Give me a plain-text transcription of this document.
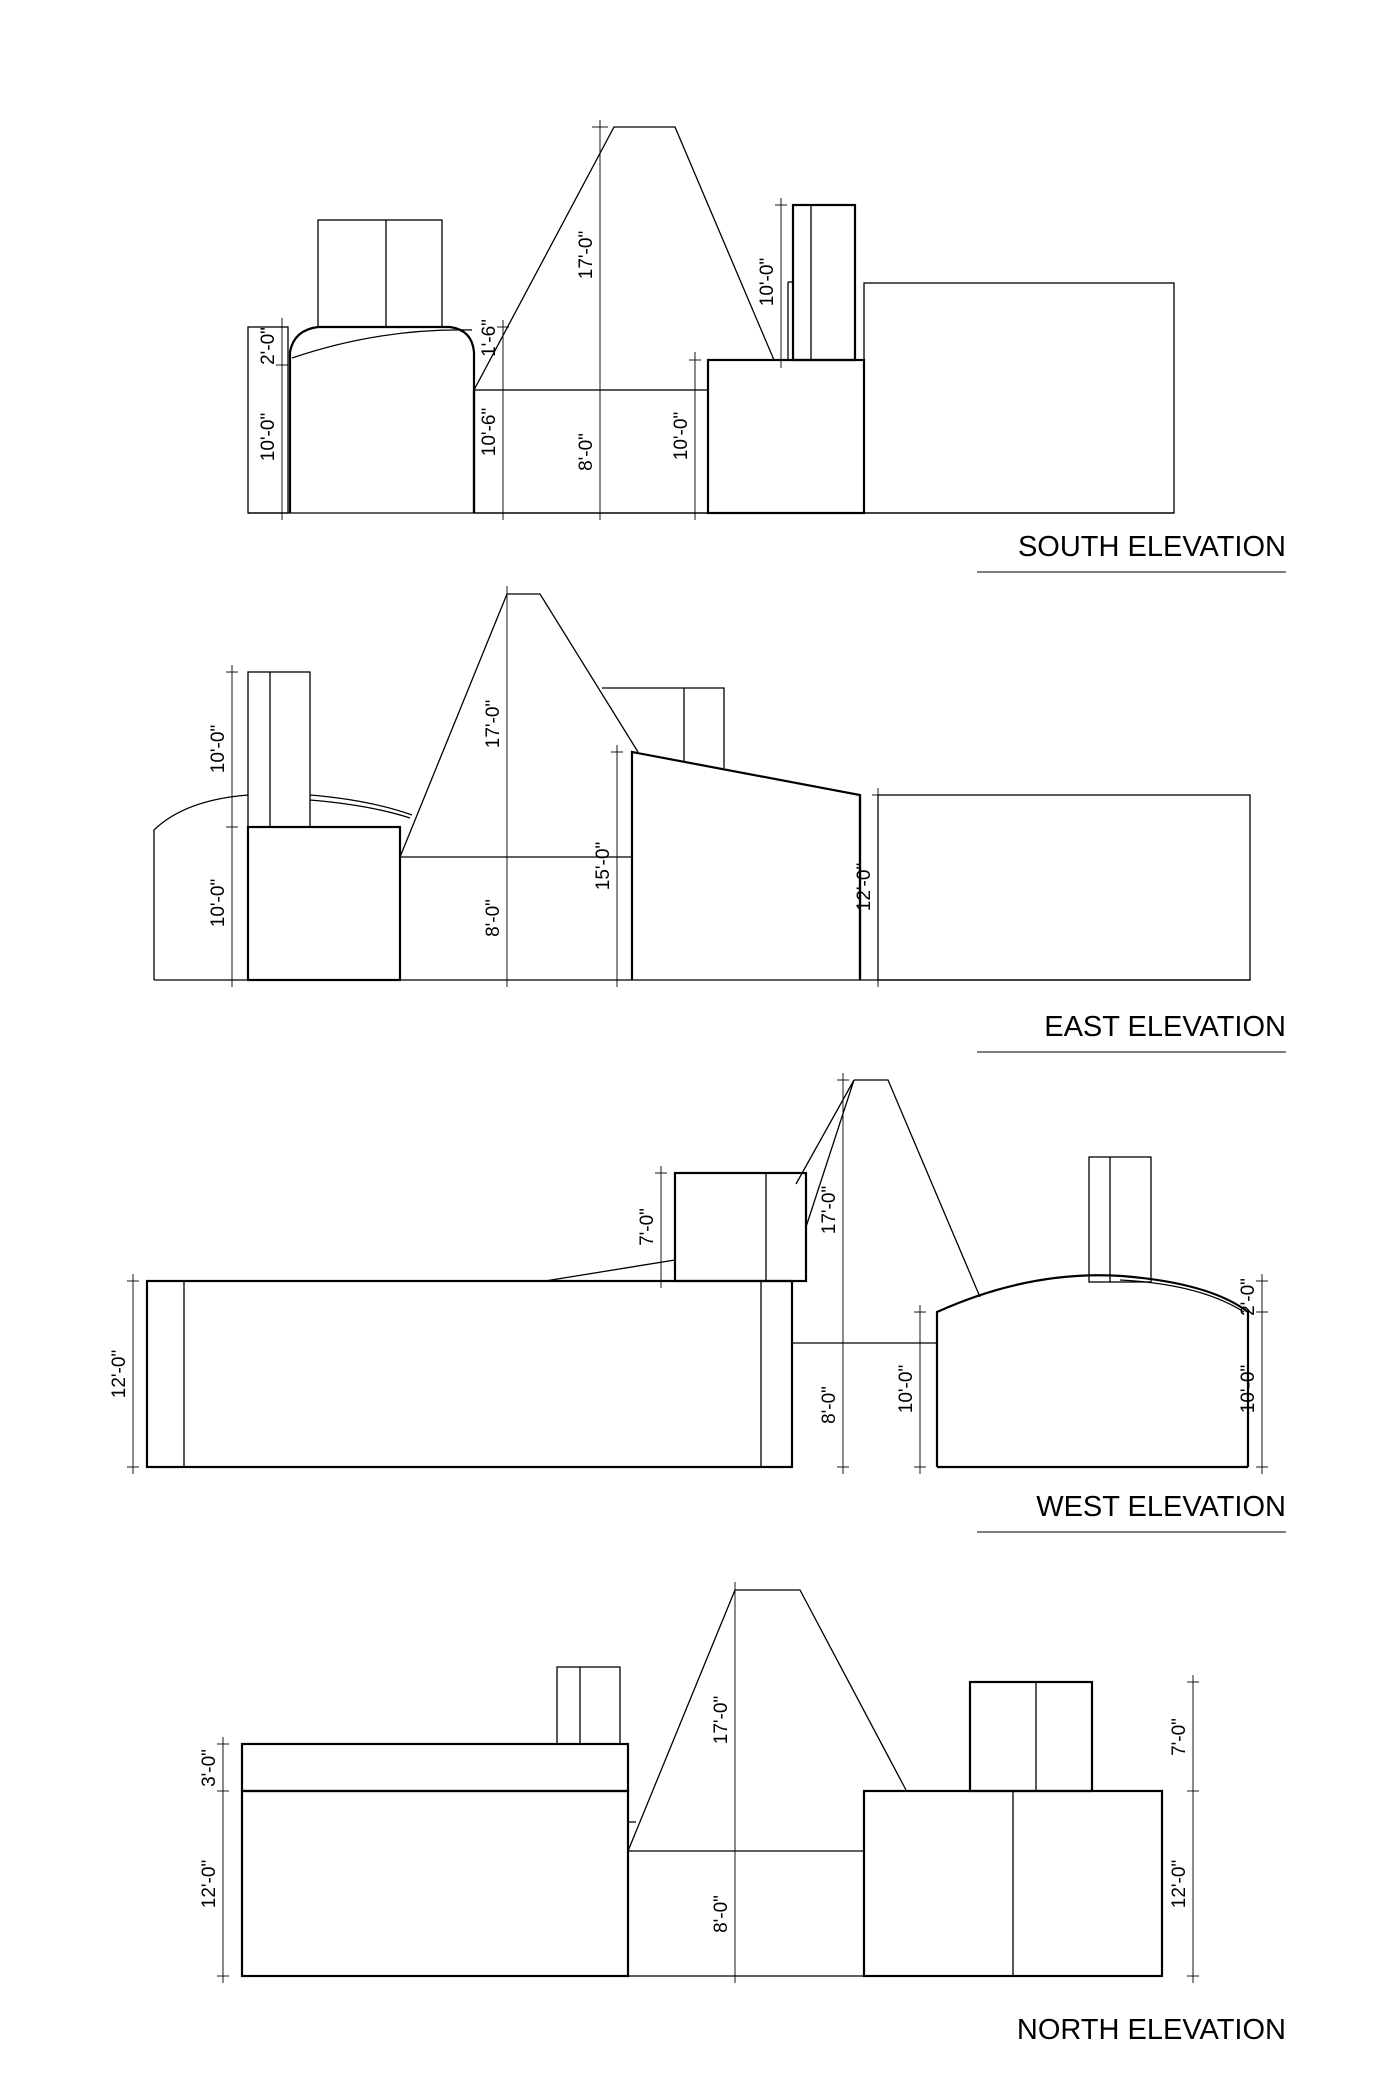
2'-0"
10'-0"
1'-6"
10'-6"
17'-0"
8'-0"	10'-0"
10'-0"
SOUTH ELEVATION
10'-0"
10'-0"
17'-0"
8'-0"
15'-0"	12'-0"
EAST ELEVATION
12'-0"
7'-0"	17'-0"
8'-0"	10'-0"
2'-0"
10'-0"
WEST ELEVATION
3'-0"
12'-0"
17'-0"
8'-0"
7'-0"
12'-0"
NORTH ELEVATION
